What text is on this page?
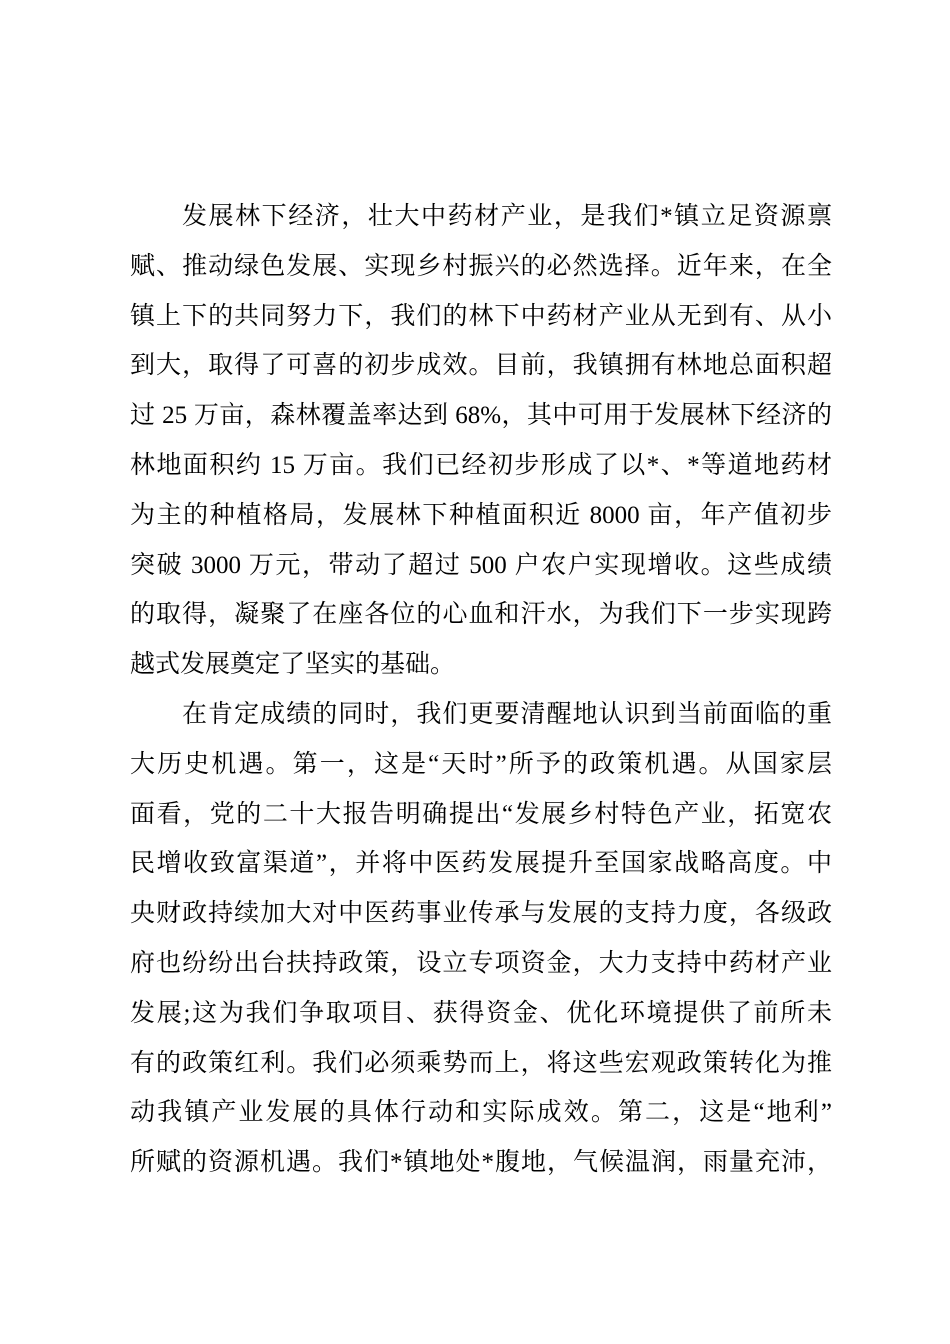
发展林下经济，壮大中药材产业，是我们*镇立足资源禀
赋、推动绿色发展、实现乡村振兴的必然选择。近年来，在全
镇上下的共同努力下，我们的林下中药材产业从无到有、从小
到大，取得了可喜的初步成效。目前，我镇拥有林地总面积超
过 25 万亩，森林覆盖率达到 68%，其中可用于发展林下经济的
林地面积约 15 万亩。我们已经初步形成了以*、*等道地药材
为主的种植格局，发展林下种植面积近 8000 亩，年产值初步
突破 3000 万元，带动了超过 500 户农户实现增收。这些成绩
的取得，凝聚了在座各位的心血和汗水，为我们下一步实现跨
越式发展奠定了坚实的基础。
在肯定成绩的同时，我们更要清醒地认识到当前面临的重
大历史机遇。第一，这是“天时”所予的政策机遇。从国家层
面看，党的二十大报告明确提出“发展乡村特色产业，拓宽农
民增收致富渠道”，并将中医药发展提升至国家战略高度。中
央财政持续加大对中医药事业传承与发展的支持力度，各级政
府也纷纷出台扶持政策，设立专项资金，大力支持中药材产业
发展;这为我们争取项目、获得资金、优化环境提供了前所未
有的政策红利。我们必须乘势而上，将这些宏观政策转化为推
动我镇产业发展的具体行动和实际成效。第二，这是“地利”
所赋的资源机遇。我们*镇地处*腹地，气候温润，雨量充沛，
